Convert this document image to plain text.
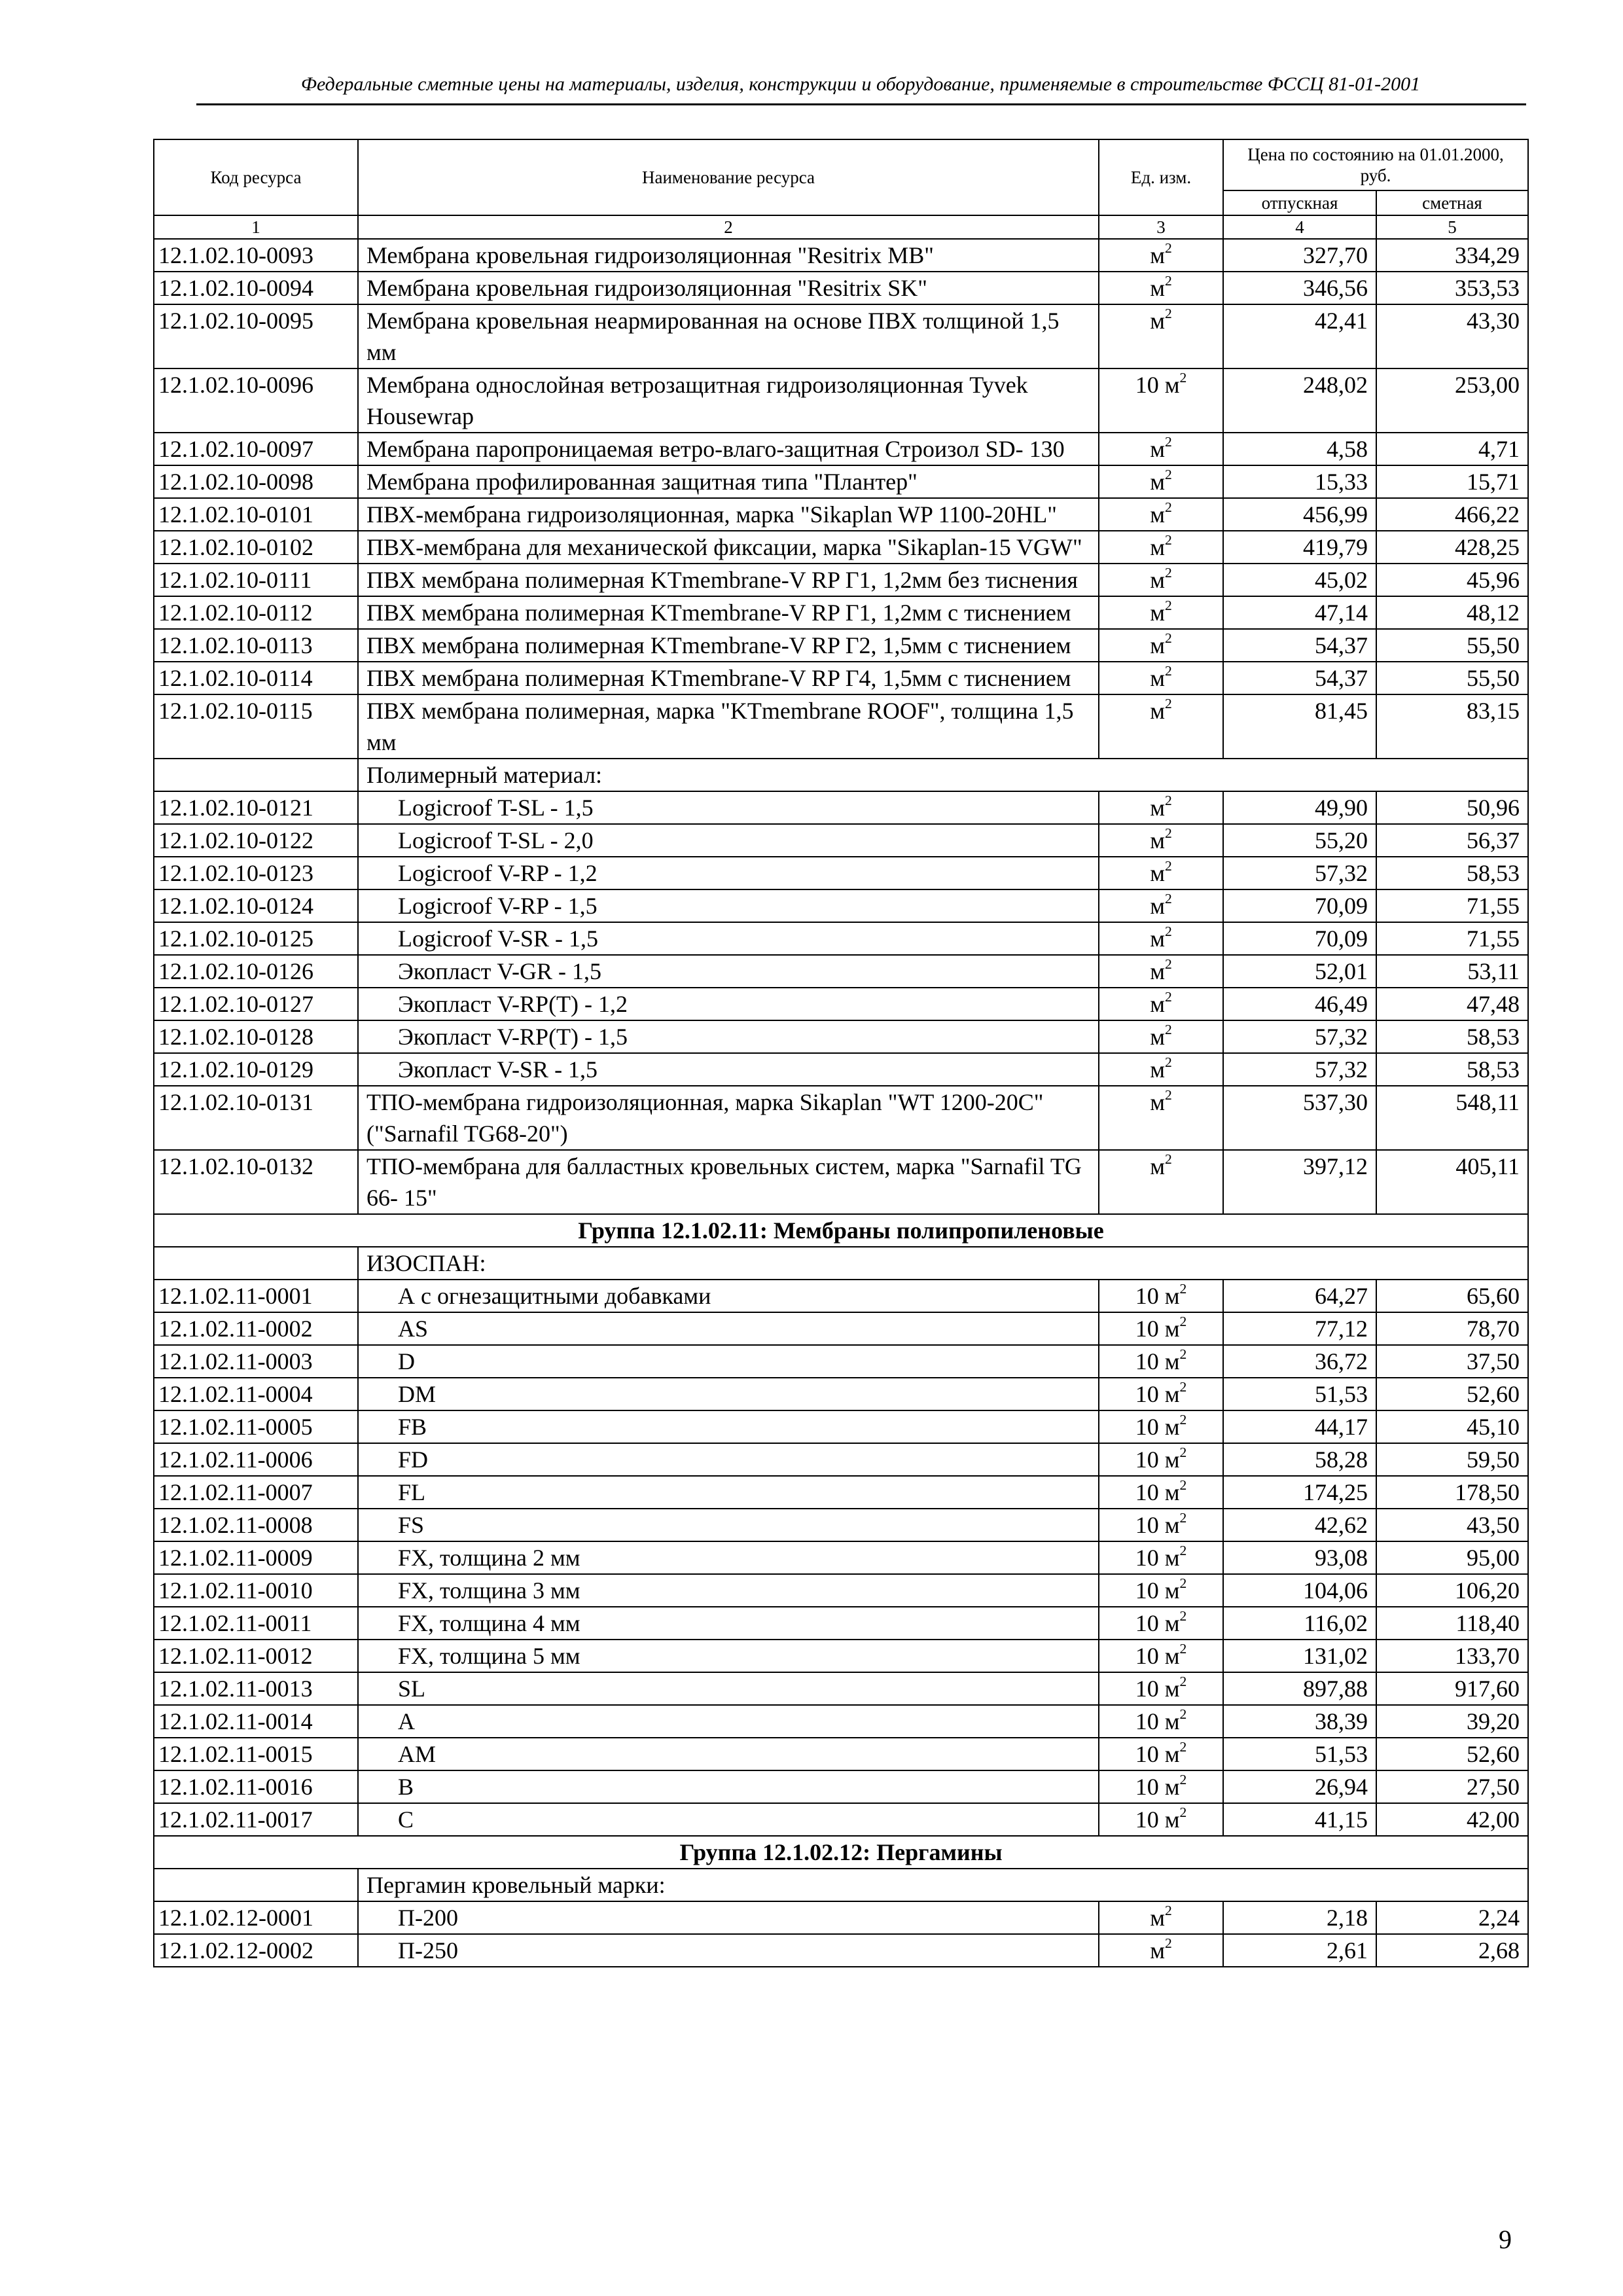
Федеральные сметные цены на материалы, изделия, конструкции и оборудование, применяемые в строительстве ФССЦ 81-01-2001
Код ресурса	Наименование ресурса	Ед. изм.	Цена по состоянию на 01.01.2000, руб.	
			отпускная	сметная
1	2	3	4	5
12.1.02.10-0093	Мембрана кровельная гидроизоляционная "Resitrix MB"	$м^2$	327,70	334,29
12.1.02.10-0094	Мембрана кровельная гидроизоляционная "Resitrix SK"	$м^2$	346,56	353,53
12.1.02.10-0095	Мембрана кровельная неармированная на основе ПВХ толщиной 1,5 мм	$м^2$	42,41	43,30
12.1.02.10-0096	Мембрана однослойная ветрозащитная гидроизоляционная Tyvek Housewrap	10 $м^2$	248,02	253,00
12.1.02.10-0097	Мембрана паропроницаемая ветро-влаго-защитная Строизол SD- 130	$м^2$	4,58	4,71
12.1.02.10-0098	Мембрана профилированная защитная типа "Плантер"	$м^2$	15,33	15,71
12.1.02.10-0101	ПВХ-мембрана гидроизоляционная, марка "Sikaplan WP 1100-20HL"	$м^2$	456,99	466,22
12.1.02.10-0102	ПВХ-мембрана для механической фиксации, марка "Sikaplan-15 VGW"	$м^2$	419,79	428,25
12.1.02.10-0111	ПВХ мембрана полимерная KTmembrane-V RP Г1, 1,2мм без тиснения	$м^2$	45,02	45,96
12.1.02.10-0112	ПВХ мембрана полимерная KTmembrane-V RP Г1, 1,2мм с тиснением	$м^2$	47,14	48,12
12.1.02.10-0113	ПВХ мембрана полимерная KTmembrane-V RP Г2, 1,5мм с тиснением	$м^2$	54,37	55,50
12.1.02.10-0114	ПВХ мембрана полимерная KTmembrane-V RP Г4, 1,5мм с тиснением	$м^2$	54,37	55,50
12.1.02.10-0115	ПВХ мембрана полимерная, марка "KTmembrane ROOF", толщина 1,5 мм	$м^2$	81,45	83,15
	Полимерный материал:			
12.1.02.10-0121	Logicroof T-SL - 1,5	$м^2$	49,90	50,96
12.1.02.10-0122	Logicroof T-SL - 2,0	$м^2$	55,20	56,37
12.1.02.10-0123	Logicroof V-RP - 1,2	$м^2$	57,32	58,53
12.1.02.10-0124	Logicroof V-RP - 1,5	$м^2$	70,09	71,55
12.1.02.10-0125	Logicroof V-SR - 1,5	$м^2$	70,09	71,55
12.1.02.10-0126	Экопласт V-GR - 1,5	$м^2$	52,01	53,11
12.1.02.10-0127	Экопласт V-RP(T) - 1,2	$м^2$	46,49	47,48
12.1.02.10-0128	Экопласт V-RP(T) - 1,5	$м^2$	57,32	58,53
12.1.02.10-0129	Экопласт V-SR - 1,5	$м^2$	57,32	58,53
12.1.02.10-0131	ТПО-мембрана гидроизоляционная, марка Sikaplan "WT 1200-20C" ("Sarnafil TG68-20")	$м^2$	537,30	548,11
12.1.02.10-0132	ТПО-мембрана для балластных кровельных систем, марка "Sarnafil TG 66- 15"	$м^2$	397,12	405,11
Группа 12.1.02.11: Мембраны полипропиленовые				
	ИЗОСПАН:			
12.1.02.11-0001	А с огнезащитными добавками	10 $м^2$	64,27	65,60
12.1.02.11-0002	AS	10 $м^2$	77,12	78,70
12.1.02.11-0003	D	10 $м^2$	36,72	37,50
12.1.02.11-0004	DM	10 $м^2$	51,53	52,60
12.1.02.11-0005	FB	10 $м^2$	44,17	45,10
12.1.02.11-0006	FD	10 $м^2$	58,28	59,50
12.1.02.11-0007	FL	10 $м^2$	174,25	178,50
12.1.02.11-0008	FS	10 $м^2$	42,62	43,50
12.1.02.11-0009	FX, толщина 2 мм	10 $м^2$	93,08	95,00
12.1.02.11-0010	FX, толщина 3 мм	10 $м^2$	104,06	106,20
12.1.02.11-0011	FX, толщина 4 мм	10 $м^2$	116,02	118,40
12.1.02.11-0012	FX, толщина 5 мм	10 $м^2$	131,02	133,70
12.1.02.11-0013	SL	10 $м^2$	897,88	917,60
12.1.02.11-0014	А	10 $м^2$	38,39	39,20
12.1.02.11-0015	АМ	10 $м^2$	51,53	52,60
12.1.02.11-0016	В	10 $м^2$	26,94	27,50
12.1.02.11-0017	С	10 $м^2$	41,15	42,00
Группа 12.1.02.12: Пергамины				
	Пергамин кровельный марки:			
12.1.02.12-0001	П-200	$м^2$	2,18	2,24
12.1.02.12-0002	П-250	$м^2$	2,61	2,68
9
